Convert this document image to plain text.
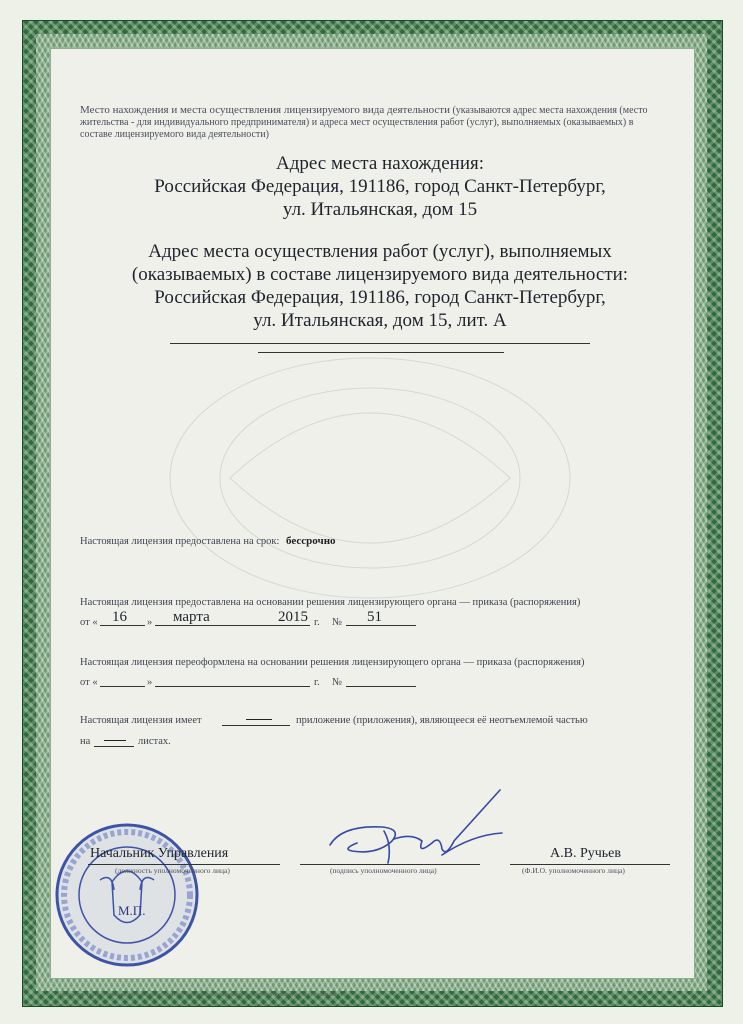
Место нахождения и места осуществления лицензируемого вида деятельности (указываются адрес места нахождения (место жительства - для индивидуального предпринимателя) и адреса мест осуществления работ (услуг), выполняемых (оказываемых) в составе лицензируемого вида деятельности)
Адрес места нахождения:
Российская Федерация, 191186, город Санкт-Петербург,
ул. Итальянская, дом 15
Адрес места осуществления работ (услуг), выполняемых
(оказываемых) в составе лицензируемого вида деятельности:
Российская Федерация, 191186, город Санкт-Петербург,
ул. Итальянская, дом 15, лит. А
Настоящая лицензия предоставлена на срок: бессрочно
Настоящая лицензия предоставлена на основании решения лицензирующего органа — приказа (распоряжения)
от « 16 » марта	2015 г. № 51
Настоящая лицензия переоформлена на основании решения лицензирующего органа — приказа (распоряжения)
от «	»	г. №
Настоящая лицензия имеет	приложение (приложения), являющееся её неотъемлемой частью
на	листах.
М.П.
Начальник Управления
(должность уполномоченного лица)	(подпись уполномоченного лица)
А.В. Ручьев
(Ф.И.О. уполномоченного лица)
ООО «ОПЕЧ-СПб» — Москва, 2013, тел. (495) 726-47-42, www.opech.ru; Лицензия № 05-05-09/003 ФНС РФ, ТЗ № 1 от 14.04.2011 г.
